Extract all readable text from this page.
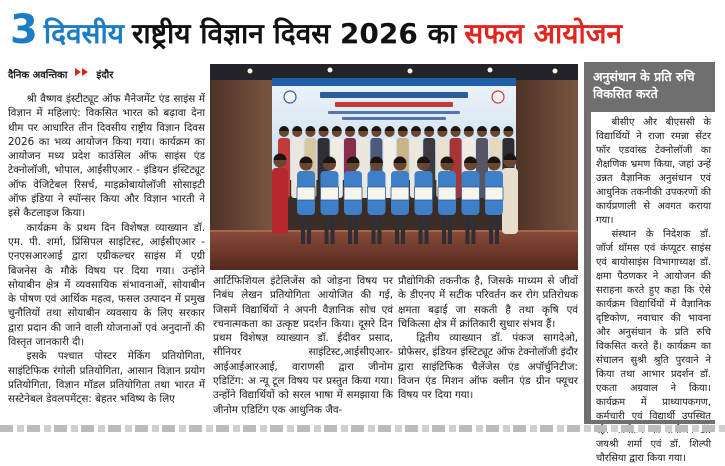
3 दिवसीय राष्ट्रीय विज्ञान दिवस 2026 का सफल आयोजन
दैनिक अवन्तिका	इंदौर

श्री वैष्णव इंस्टीट्यूट ऑफ मैनेजमेंट एंड साइंस में विज्ञान में महिलाएं: विकसित भारत को बढ़ावा देना थीम पर आधारित तीन दिवसीय राष्ट्रीय विज्ञान दिवस 2026 का भव्य आयोजन किया गया। कार्यक्रम का आयोजन मध्य प्रदेश काउंसिल ऑफ साइंस एंड टेक्नोलॉजी, भोपाल, आईसीएआर - इंडियन इंस्टिट्यूट ऑफ वेजिटेबल रिसर्च, माइक्रोबायोलॉजी सोसाइटी ऑफ इंडिया ने स्पॉन्सर किया और विज्ञान भारती ने इसे कैटलाइज किया।

कार्यक्रम के प्रथम दिन विशेषज्ञ व्याख्यान डॉ. एम. पी. शर्मा, प्रिंसिपल साइंटिस्ट, आईसीएआर - एनएसआरआई द्वारा एग्रीकल्चर साइंस में एग्री बिजनेस के मौके विषय पर दिया गया। उन्होंने सोयाबीन क्षेत्र में व्यवसायिक संभावनाओं, सोयाबीन के पोषण एवं आर्थिक महत्व, फसल उत्पादन में प्रमुख चुनौतियों तथा सोयाबीन व्यवसाय के लिए सरकार द्वारा प्रदान की जाने वाली योजनाओं एवं अनुदानों की विस्तृत जानकारी दी।

इसके पश्चात पोस्टर मेकिंग प्रतियोगिता, साइंटिफिक रंगोली प्रतियोगिता, आसान विज्ञान प्रयोग प्रतियोगिता, विज्ञान मॉडल प्रतियोगिता तथा भारत में सस्टेनेबल डेवलपमेंट्स: बेहतर भविष्य के लिए

आर्टिफिशियल इंटेलिजेंस को जोड़ना विषय पर निबंध लेखन प्रतियोगिता आयोजित की गई, जिसमें विद्यार्थियों ने अपनी वैज्ञानिक सोच एवं रचनात्मकता का उत्कृष्ट प्रदर्शन किया। दूसरे दिन प्रथम विशेषज्ञ व्याख्यान डॉ. ईदीवर प्रसाद, सीनियर साइंटिस्ट,आईसीएआर-आईआईआरआई, वाराणसी द्वारा जीनोम एडिटिंग: अ न्यू टूल विषय पर प्रस्तुत किया गया। उन्होंने विद्यार्थियों को सरल भाषा में समझाया कि जीनोम एडिटिंग एक आधुनिक जैव-

प्रौद्योगिकी तकनीक है, जिसके माध्यम से जीवों के डीएनए में सटीक परिवर्तन कर रोग प्रतिरोधक क्षमता बढ़ाई जा सकती है तथा कृषि एवं चिकित्सा क्षेत्र में क्रांतिकारी सुधार संभव हैं।

द्वितीय व्याख्यान डॉ. पंकज सागदेओ, प्रोफेसर, इंडियन इंस्टिट्यूट ऑफ टेक्नोलॉजी इंदौर द्वारा साइंटिफिक चैलेंजेस एंड अपॉर्चुनिटीज: विजन एंड मिशन ऑफ क्लीन एंड ग्रीन फ्यूचर विषय पर दिया गया।

अनुसंधान के प्रति रुचि विकसित करते

बीसीए और बीएससी के विद्यार्थियों ने राजा रमन्ना सेंटर फॉर एडवांस्ड टेक्नोलॉजी का शैक्षणिक भ्रमण किया, जहां उन्हें उन्नत वैज्ञानिक अनुसंधान एवं आधुनिक तकनीकी उपकरणों की कार्यप्रणाली से अवगत कराया गया।

संस्थान के निदेशक डॉ. जॉर्ज थॉमस एवं कंप्यूटर साइंस एवं बायोसाइंस विभागाध्यक्ष डॉ. क्षमा पैठणकर ने आयोजन की सराहना करते हुए कहा कि ऐसे कार्यक्रम विद्यार्थियों में वैज्ञानिक दृष्टिकोण, नवाचार की भावना और अनुसंधान के प्रति रुचि विकसित करते हैं। कार्यक्रम का संचालन सुश्री श्रुति पुरवाने ने किया तथा आभार प्रदर्शन डॉ. एकता अग्रवाल ने किया। कार्यक्रम में प्राध्यापकगण, कर्मचारी एवं विद्यार्थी उपस्थित जयश्री शर्मा एवं डॉ. शिल्पी चौरसिया द्वारा किया गया।
